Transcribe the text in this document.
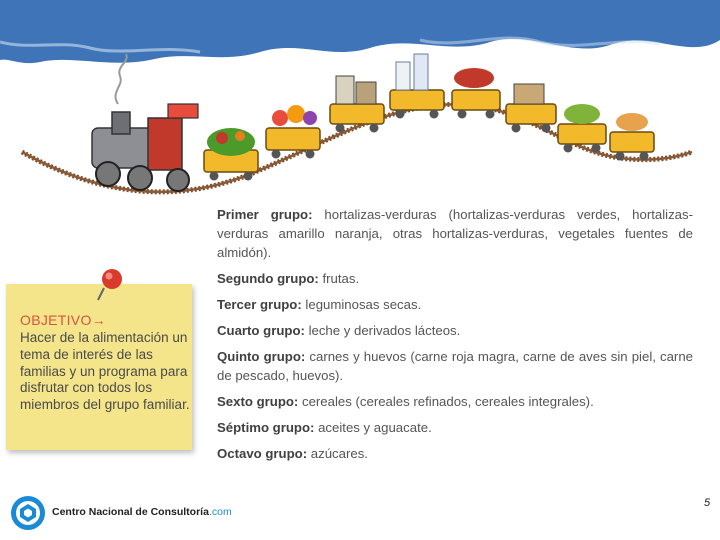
Primer grupo: hortalizas-verduras (hortalizas-verduras verdes, hortalizas-verduras amarillo naranja, otras hortalizas-verduras, vegetales fuentes de almidón).
Segundo grupo: frutas.
Tercer grupo: leguminosas secas.
Cuarto grupo: leche y derivados lácteos.
Quinto grupo: carnes y huevos (carne roja magra, carne de aves sin piel, carne de pescado, huevos).
Sexto grupo: cereales (cereales refinados, cereales integrales).
Séptimo grupo: aceites y aguacate.
Octavo grupo: azúcares.
OBJETIVO→
Hacer de la alimentación un tema de interés de las familias y un programa para disfrutar con todos los miembros del grupo familiar.
Centro Nacional de Consultoría.com
5
